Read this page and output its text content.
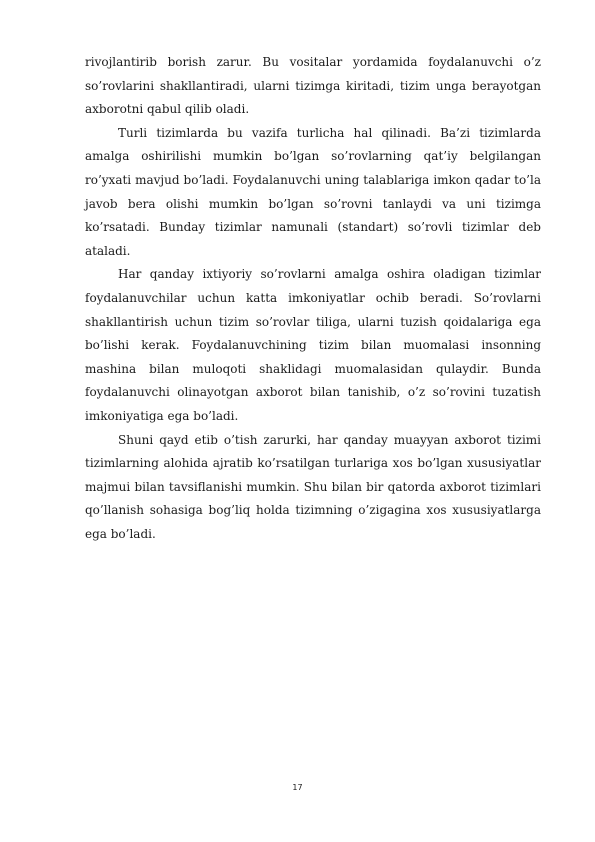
rivojlantirib borish zarur. Bu vositalar yordamida foydalanuvchi o’z so’rovlarini shakllantiradi, ularni tizimga kiritadi, tizim unga berayotgan axborotni qabul qilib oladi.

Turli tizimlarda bu vazifa turlicha hal qilinadi. Ba’zi tizimlarda amalga oshirilishi mumkin bo’lgan so’rovlarning qat’iy belgilangan ro’yxati mavjud bo’ladi. Foydalanuvchi uning talablariga imkon qadar to’la javob bera olishi mumkin bo’lgan so’rovni tanlaydi va uni tizimga ko’rsatadi. Bunday tizimlar namunali (standart) so’rovli tizimlar deb ataladi.

Har qanday ixtiyoriy so’rovlarni amalga oshira oladigan tizimlar foydalanuvchilar uchun katta imkoniyatlar ochib beradi. So’rovlarni shakllantirish uchun tizim so’rovlar tiliga, ularni tuzish qoidalariga ega bo’lishi kerak. Foydalanuvchining tizim bilan muomalasi insonning mashina bilan muloqoti shaklidagi muomalasidan qulaydir. Bunda foydalanuvchi olinayotgan axborot bilan tanishib, o’z so’rovini tuzatish imkoniyatiga ega bo’ladi.

Shuni qayd etib o’tish zarurki, har qanday muayyan axborot tizimi tizimlarning alohida ajratib ko’rsatilgan turlariga xos bo’lgan xususiyatlar majmui bilan tavsiflanishi mumkin. Shu bilan bir qatorda axborot tizimlari qo’llanish sohasiga bog’liq holda tizimning o’zigagina xos xususiyatlarga ega bo’ladi.

17
